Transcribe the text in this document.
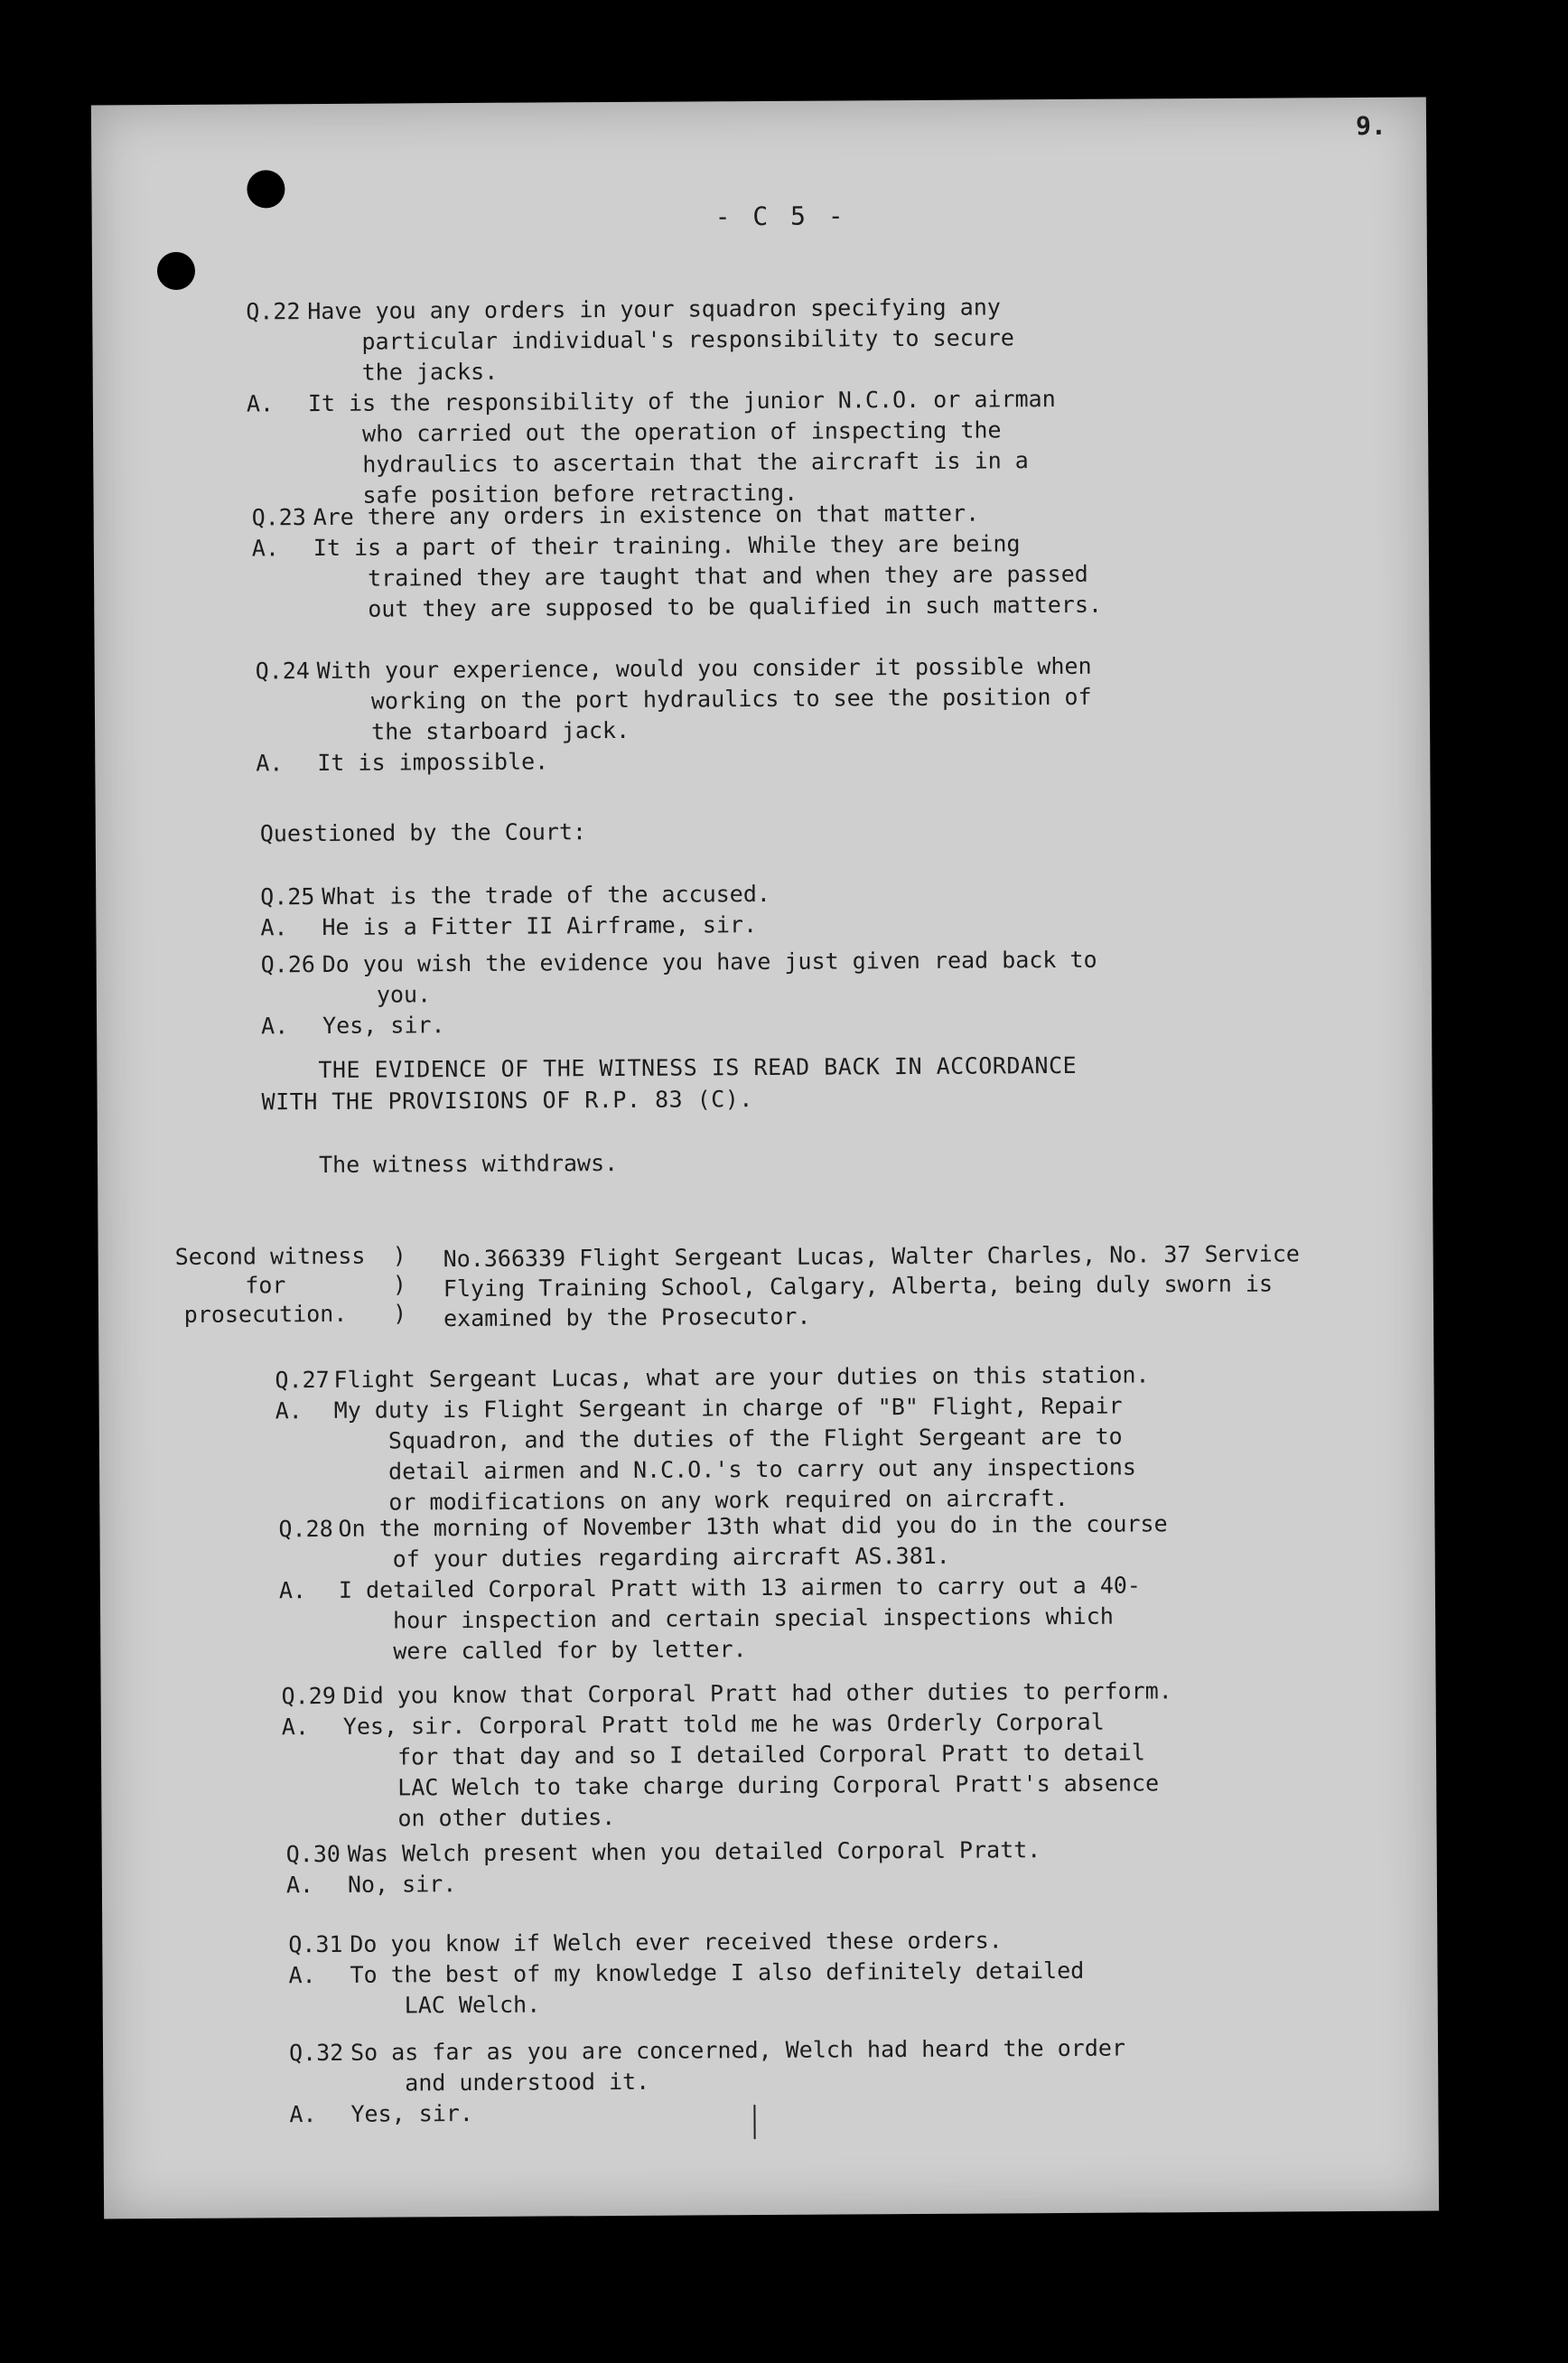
9.
- C 5 -
Q.22 Have you any orders in your squadron specifying any
particular individual's responsibility to secure
the jacks.
A. It is the responsibility of the junior N.C.O. or airman
who carried out the operation of inspecting the
hydraulics to ascertain that the aircraft is in a
safe position before retracting.
Q.23 Are there any orders in existence on that matter.
A. It is a part of their training. While they are being
trained they are taught that and when they are passed
out they are supposed to be qualified in such matters.
Q.24 With your experience, would you consider it possible when
working on the port hydraulics to see the position of
the starboard jack.
A. It is impossible.
Q.25 What is the trade of the accused.
A. He is a Fitter II Airframe, sir.
Q.26 Do you wish the evidence you have just given read back to
you.
A. Yes, sir.
Q.27 Flight Sergeant Lucas, what are your duties on this station.
A. My duty is Flight Sergeant in charge of "B" Flight, Repair
Squadron, and the duties of the Flight Sergeant are to
detail airmen and N.C.O.'s to carry out any inspections
or modifications on any work required on aircraft.
Q.28 On the morning of November 13th what did you do in the course
of your duties regarding aircraft AS.381.
A. I detailed Corporal Pratt with 13 airmen to carry out a 40-
hour inspection and certain special inspections which
were called for by letter.
Q.29 Did you know that Corporal Pratt had other duties to perform.
A. Yes, sir. Corporal Pratt told me he was Orderly Corporal
for that day and so I detailed Corporal Pratt to detail
LAC Welch to take charge during Corporal Pratt's absence
on other duties.
Q.30 Was Welch present when you detailed Corporal Pratt.
A. No, sir.
Q.31 Do you know if Welch ever received these orders.
A. To the best of my knowledge I also definitely detailed
LAC Welch.
Q.32 So as far as you are concerned, Welch had heard the order
and understood it.
A. Yes, sir.
Questioned by the Court:
THE EVIDENCE OF THE WITNESS IS READ BACK IN ACCORDANCE
WITH THE PROVISIONS OF R.P. 83 (C).
The witness withdraws.
Second witness
for
prosecution.
)
)
)
No.366339 Flight Sergeant Lucas, Walter Charles, No. 37 Service
Flying Training School, Calgary, Alberta, being duly sworn is
examined by the Prosecutor.
